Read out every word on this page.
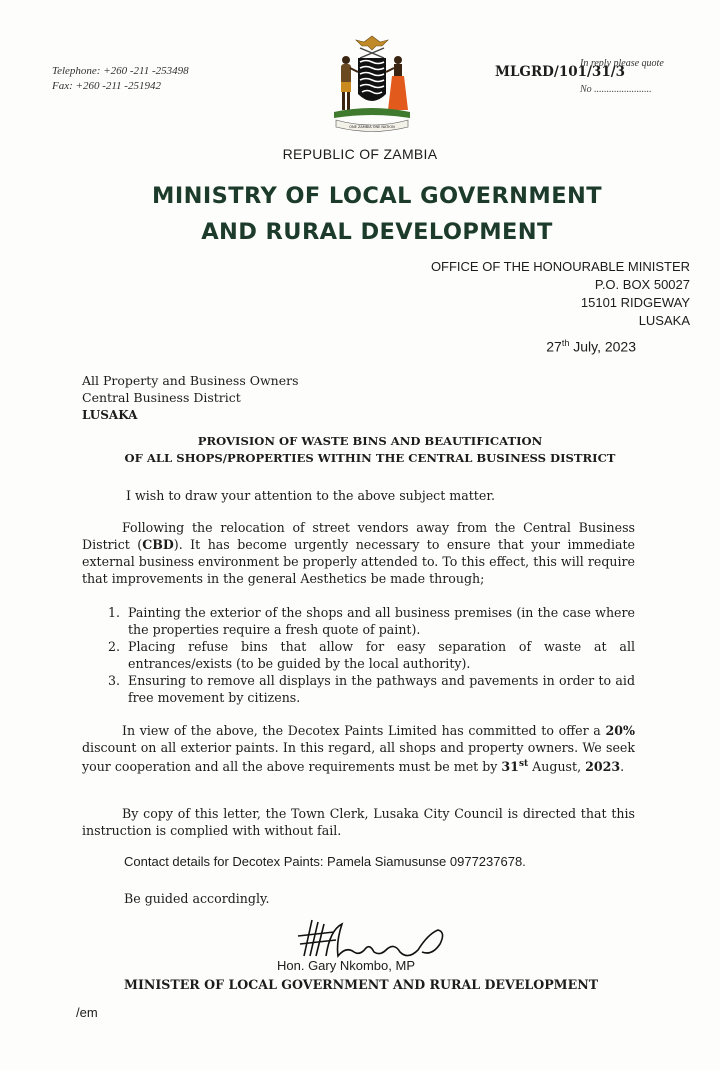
Telephone: +260 -211 -253498
Fax: +260 -211 -251942
In reply please quote
MLGRD/101/31/3
No .......................
ONE ZAMBIA ONE NATION
REPUBLIC OF ZAMBIA
MINISTRY OF LOCAL GOVERNMENT
AND RURAL DEVELOPMENT
OFFICE OF THE HONOURABLE MINISTER
P.O. BOX 50027
15101 RIDGEWAY
LUSAKA
27th July, 2023
All Property and Business Owners
Central Business District
LUSAKA
PROVISION OF WASTE BINS AND BEAUTIFICATION
OF ALL SHOPS/PROPERTIES WITHIN THE CENTRAL BUSINESS DISTRICT
I wish to draw your attention to the above subject matter.
Following the relocation of street vendors away from the Central Business District (CBD). It has become urgently necessary to ensure that your immediate external business environment be properly attended to. To this effect, this will require that improvements in the general Aesthetics be made through;
1. Painting the exterior of the shops and all business premises (in the case where the properties require a fresh quote of paint).
2. Placing refuse bins that allow for easy separation of waste at all entrances/exists (to be guided by the local authority).
3. Ensuring to remove all displays in the pathways and pavements in order to aid free movement by citizens.
In view of the above, the Decotex Paints Limited has committed to offer a 20% discount on all exterior paints. In this regard, all shops and property owners. We seek your cooperation and all the above requirements must be met by 31st August, 2023.
By copy of this letter, the Town Clerk, Lusaka City Council is directed that this instruction is complied with without fail.
Contact details for Decotex Paints: Pamela Siamusunse 0977237678.
Be guided accordingly.
Hon. Gary Nkombo, MP
MINISTER OF LOCAL GOVERNMENT AND RURAL DEVELOPMENT
/em
